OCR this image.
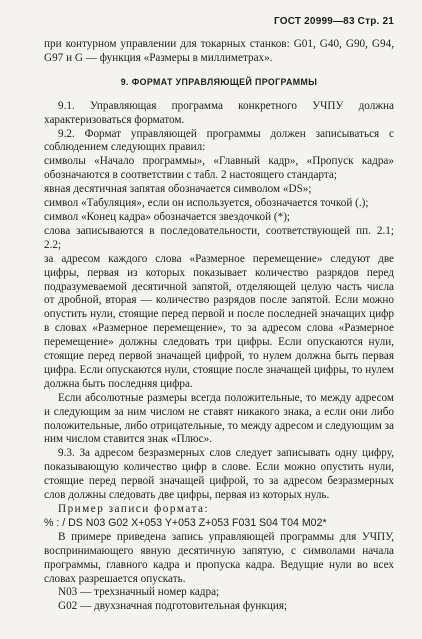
ГОСТ 20999—83 Стр. 21

при контурном управлении для токарных станков: G01, G40, G90, G94, G97 и G — функция «Размеры в миллиметрах».

9. ФОРМАТ УПРАВЛЯЮЩЕЙ ПРОГРАММЫ

9.1. Управляющая программа конкретного УЧПУ должна характеризоваться форматом.

9.2. Формат управляющей программы должен записываться с соблюдением следующих правил:

символы «Начало программы», «Главный кадр», «Пропуск кадра» обозначаются в соответствии с табл. 2 настоящего стандарта;

явная десятичная запятая обозначается символом «DS»;

символ «Табуляция», если он используется, обозначается точкой (.);

символ «Конец кадра» обозначается звездочкой (*);

слова записываются в последовательности, соответствующей пп. 2.1; 2.2;

за адресом каждого слова «Размерное перемещение» следуют две цифры, первая из которых показывает количество разрядов перед подразумеваемой десятичной запятой, отделяющей целую часть числа от дробной, вторая — количество разрядов после запятой. Если можно опустить нули, стоящие перед первой и после последней значащих цифр в словах «Размерное перемещение», то за адресом слова «Размерное перемещение» должны следовать три цифры. Если опускаются нули, стоящие перед первой значащей цифрой, то нулем должна быть первая цифра. Если опускаются нули, стоящие после значащей цифры, то нулем должна быть последняя цифра.

Если абсолютные размеры всегда положительные, то между адресом и следующим за ним числом не ставят никакого знака, а если они либо положительные, либо отрицательные, то между адресом и следующим за ним числом ставится знак «Плюс».

9.3. За адресом безразмерных слов следует записывать одну цифру, показывающую количество цифр в слове. Если можно опустить нули, стоящие перед первой значащей цифрой, то за адресом безразмерных слов должны следовать две цифры, первая из которых нуль.

Пример записи формата:

% : / DS N03 G02 X+053 Y+053 Z+053 F031 S04 T04 M02*

В примере приведена запись управляющей программы для УЧПУ, воспринимающего явную десятичную запятую, с символами начала программы, главного кадра и пропуска кадра. Ведущие нули во всех словах разрешается опускать.

N03 — трехзначный номер кадра;

G02 — двухзначная подготовительная функция;
